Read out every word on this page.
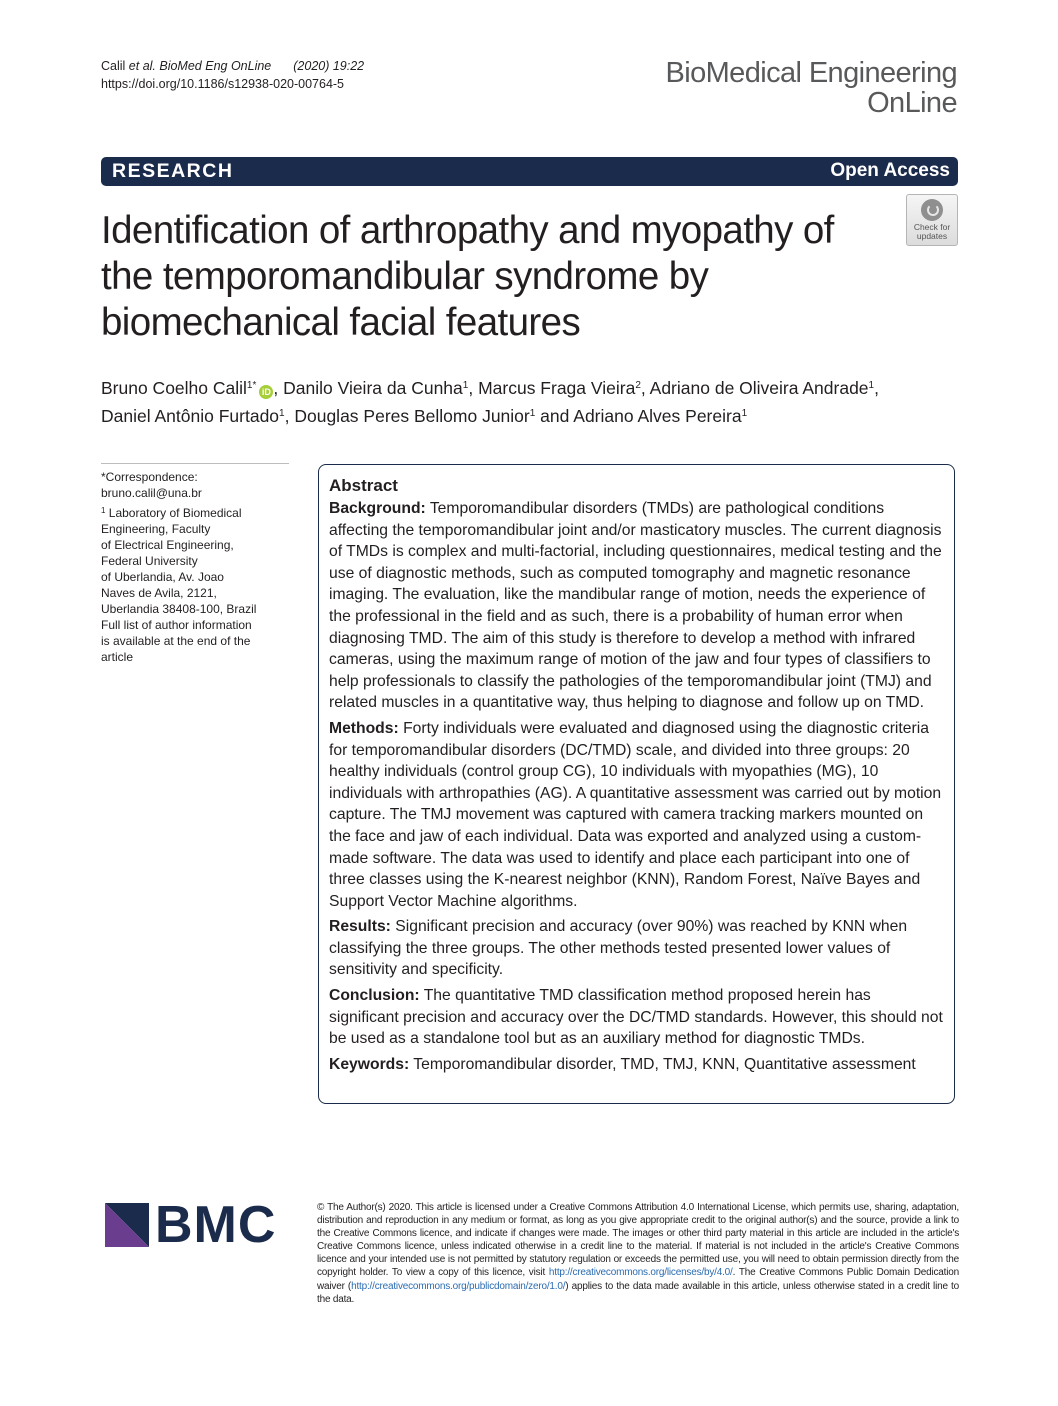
Calil et al. BioMed Eng OnLine (2020) 19:22
https://doi.org/10.1186/s12938-020-00764-5	BioMedical Engineering
OnLine
RESEARCH	Open Access
Identification of arthropathy and myopathy of the temporomandibular syndrome by biomechanical facial features
Check for
updates
Bruno Coelho Calil$^{1*}$iD , Danilo Vieira da Cunha$^1$, Marcus Fraga Vieira$^2$, Adriano de Oliveira Andrade$^1$,
Daniel Antônio Furtado$^1$, Douglas Peres Bellomo Junior$^1$ and Adriano Alves Pereira$^1$
*Correspondence:
bruno.calil@una.br
$^1$ Laboratory of Biomedical
Engineering, Faculty
of Electrical Engineering,
Federal University
of Uberlandia, Av. Joao
Naves de Avila, 2121,
Uberlandia 38408-100, Brazil
Full list of author information
is available at the end of the
article
Abstract

Background: Temporomandibular disorders (TMDs) are pathological conditions affecting the temporomandibular joint and/or masticatory muscles. The current diagnosis of TMDs is complex and multi-factorial, including questionnaires, medical testing and the use of diagnostic methods, such as computed tomography and magnetic resonance imaging. The evaluation, like the mandibular range of motion, needs the experience of the professional in the field and as such, there is a probability of human error when diagnosing TMD. The aim of this study is therefore to develop a method with infrared cameras, using the maximum range of motion of the jaw and four types of classifiers to help professionals to classify the pathologies of the temporomandibular joint (TMJ) and related muscles in a quantitative way, thus helping to diagnose and follow up on TMD.

Methods: Forty individuals were evaluated and diagnosed using the diagnostic criteria for temporomandibular disorders (DC/TMD) scale, and divided into three groups: 20 healthy individuals (control group CG), 10 individuals with myopathies (MG), 10 individuals with arthropathies (AG). A quantitative assessment was carried out by motion capture. The TMJ movement was captured with camera tracking markers mounted on the face and jaw of each individual. Data was exported and analyzed using a custom-made software. The data was used to identify and place each participant into one of three classes using the K-nearest neighbor (KNN), Random Forest, Naïve Bayes and Support Vector Machine algorithms.

Results: Significant precision and accuracy (over 90%) was reached by KNN when classifying the three groups. The other methods tested presented lower values of sensitivity and specificity.

Conclusion: The quantitative TMD classification method proposed herein has significant precision and accuracy over the DC/TMD standards. However, this should not be used as a standalone tool but as an auxiliary method for diagnostic TMDs.

Keywords: Temporomandibular disorder, TMD, TMJ, KNN, Quantitative assessment

BMC	© The Author(s) 2020. This article is licensed under a Creative Commons Attribution 4.0 International License, which permits use, sharing, adaptation, distribution and reproduction in any medium or format, as long as you give appropriate credit to the original author(s) and the source, provide a link to the Creative Commons licence, and indicate if changes were made. The images or other third party material in this article are included in the article's Creative Commons licence, unless indicated otherwise in a credit line to the material. If material is not included in the article's Creative Commons licence and your intended use is not permitted by statutory regulation or exceeds the permitted use, you will need to obtain permission directly from the copyright holder. To view a copy of this licence, visit http://creativecommons.org/licenses/by/4.0/. The Creative Commons Public Domain Dedication waiver (http://creativecommons.org/publicdomain/zero/1.0/) applies to the data made available in this article, unless otherwise stated in a credit line to the data.
